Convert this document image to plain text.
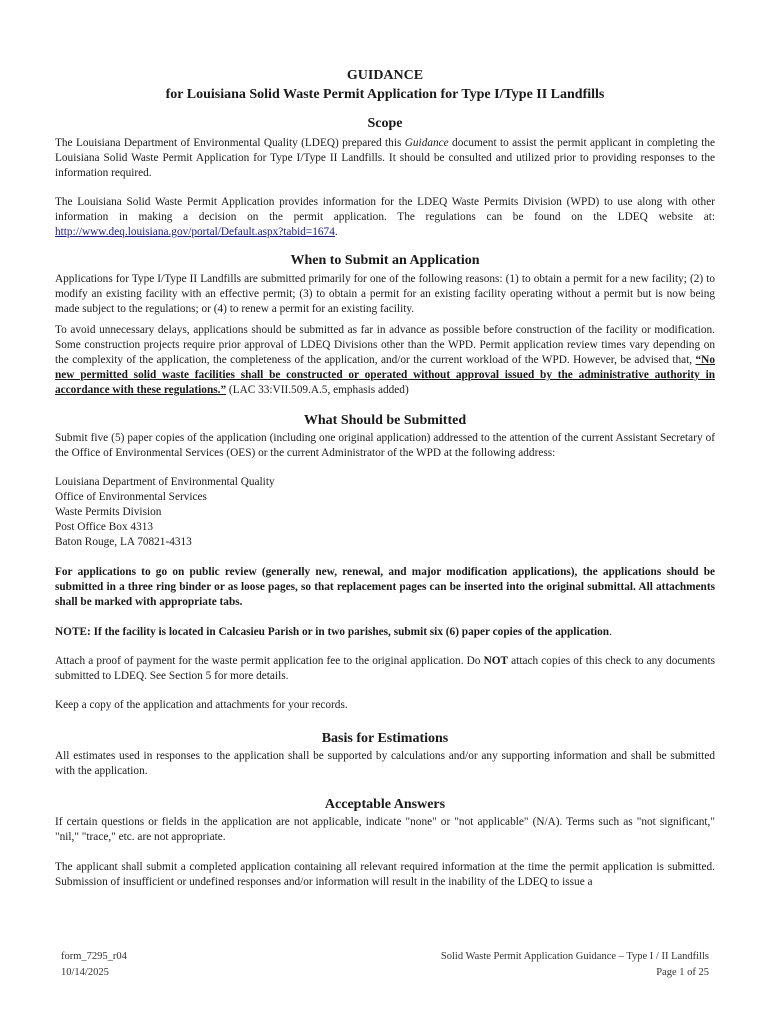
GUIDANCE
for Louisiana Solid Waste Permit Application for Type I/Type II Landfills
Scope

The Louisiana Department of Environmental Quality (LDEQ) prepared this Guidance document to assist the permit applicant in completing the Louisiana Solid Waste Permit Application for Type I/Type II Landfills. It should be consulted and utilized prior to providing responses to the information required.

The Louisiana Solid Waste Permit Application provides information for the LDEQ Waste Permits Division (WPD) to use along with other information in making a decision on the permit application. The regulations can be found on the LDEQ website at: http://www.deq.louisiana.gov/portal/Default.aspx?tabid=1674.

When to Submit an Application

Applications for Type I/Type II Landfills are submitted primarily for one of the following reasons: (1) to obtain a permit for a new facility; (2) to modify an existing facility with an effective permit; (3) to obtain a permit for an existing facility operating without a permit but is now being made subject to the regulations; or (4) to renew a permit for an existing facility.

To avoid unnecessary delays, applications should be submitted as far in advance as possible before construction of the facility or modification. Some construction projects require prior approval of LDEQ Divisions other than the WPD. Permit application review times vary depending on the complexity of the application, the completeness of the application, and/or the current workload of the WPD. However, be advised that, “No new permitted solid waste facilities shall be constructed or operated without approval issued by the administrative authority in accordance with these regulations.” (LAC 33:VII.509.A.5, emphasis added)

What Should be Submitted

Submit five (5) paper copies of the application (including one original application) addressed to the attention of the current Assistant Secretary of the Office of Environmental Services (OES) or the current Administrator of the WPD at the following address:

Louisiana Department of Environmental Quality
Office of Environmental Services
Waste Permits Division
Post Office Box 4313
Baton Rouge, LA 70821-4313

For applications to go on public review (generally new, renewal, and major modification applications), the applications should be submitted in a three ring binder or as loose pages, so that replacement pages can be inserted into the original submittal. All attachments shall be marked with appropriate tabs.

NOTE: If the facility is located in Calcasieu Parish or in two parishes, submit six (6) paper copies of the application.

Attach a proof of payment for the waste permit application fee to the original application. Do NOT attach copies of this check to any documents submitted to LDEQ. See Section 5 for more details.

Keep a copy of the application and attachments for your records.

Basis for Estimations

All estimates used in responses to the application shall be supported by calculations and/or any supporting information and shall be submitted with the application.

Acceptable Answers

If certain questions or fields in the application are not applicable, indicate "none" or "not applicable" (N/A). Terms such as "not significant," "nil," "trace," etc. are not appropriate.

The applicant shall submit a completed application containing all relevant required information at the time the permit application is submitted. Submission of insufficient or undefined responses and/or information will result in the inability of the LDEQ to issue a

form_7295_r04
10/14/2025
Solid Waste Permit Application Guidance – Type I / II Landfills
Page 1 of 25
